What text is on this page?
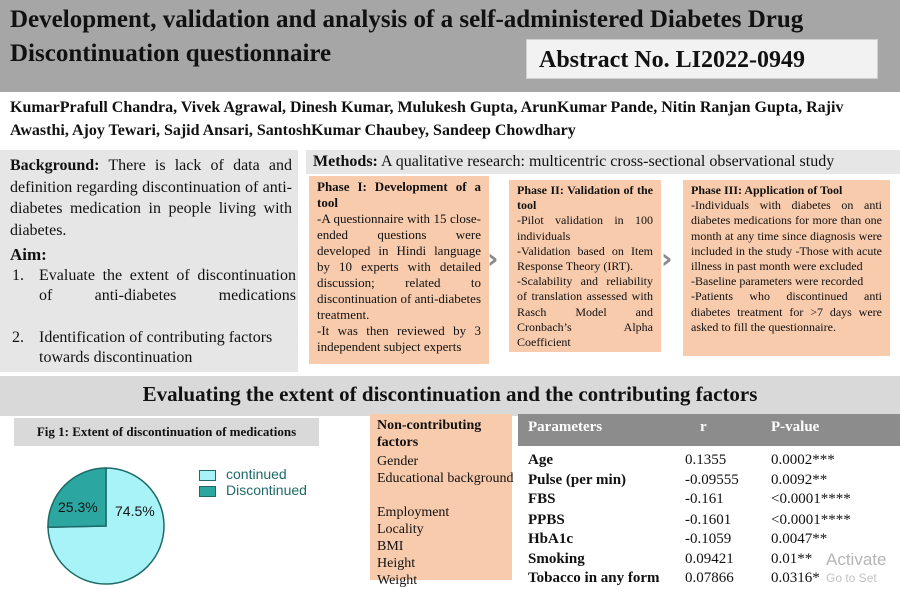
Development, validation and analysis of a self-administered Diabetes Drug Discontinuation questionnaire	Abstract No. LI2022-0949
KumarPrafull Chandra, Vivek Agrawal, Dinesh Kumar, Mulukesh Gupta, ArunKumar Pande, Nitin Ranjan Gupta, Rajiv Awasthi, Ajoy Tewari, Sajid Ansari, SantoshKumar Chaubey, Sandeep Chowdhary
Background: There is lack of data and definition regarding discontinuation of anti-diabetes medication in people living with diabetes.
Aim:
1. Evaluate the extent of discontinuation of anti-diabetes medications
2. Identification of contributing factors towards discontinuation
Methods: A qualitative research: multicentric cross-sectional observational study
Phase I: Development of a tool
-A questionnaire with 15 close-ended questions were developed in Hindi language by 10 experts with detailed discussion; related to discontinuation of anti-diabetes treatment.
-It was then reviewed by 3 independent subject experts
›
Phase II: Validation of the tool
-Pilot validation in 100 individuals
-Validation based on Item Response Theory (IRT).
-Scalability and reliability of translation assessed with Rasch Model and Cronbach’s Alpha Coefficient
›
Phase III: Application of Tool
-Individuals with diabetes on anti diabetes medications for more than one month at any time since diagnosis were included in the study -Those with acute illness in past month were excluded
-Baseline parameters were recorded
-Patients who discontinued anti diabetes treatment for >7 days were asked to fill the questionnaire.
Evaluating the extent of discontinuation and the contributing factors
Fig 1: Extent of discontinuation of medications
continued
Discontinued
74.5%
25.3%
Non-contributing factors
Gender
Educational background
Employment
Locality
BMI
Height
Weight
Parameters	r	P-value
Age	0.1355	0.0002***
Pulse (per min)	-0.09555 0.0092**
FBS	-0.161	<0.0001****
PPBS	-0.1601	<0.0001****
HbA1c	-0.1059	0.0047**
Smoking	0.09421 0.01**
Tobacco in any form 0.07866 0.0316*
Activate
Go to Set
